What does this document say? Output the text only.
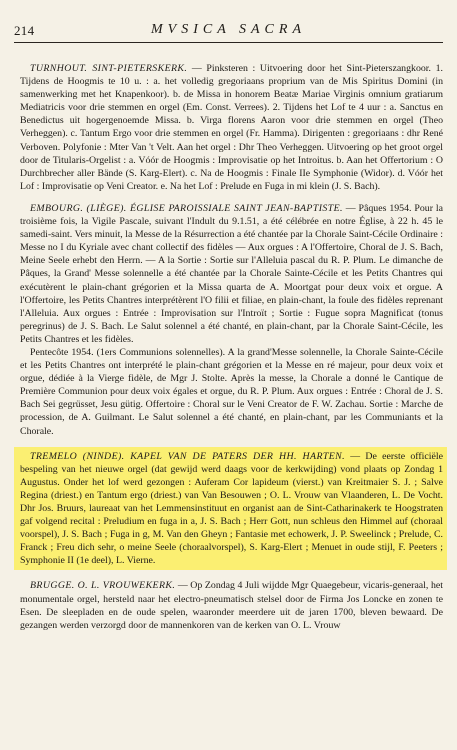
214	MVSICA SACRA

TURNHOUT. SINT-PIETERSKERK. — Pinksteren : Uitvoering door het Sint-Pieterszangkoor. 1. Tijdens de Hoogmis te 10 u. : a. het volledig gregoriaans proprium van de Mis Spiritus Domini (in samenwerking met het Knapenkoor). b. de Missa in honorem Beatæ Mariae Virginis omnium gratiarum Mediatricis voor drie stemmen en orgel (Em. Const. Verrees). 2. Tijdens het Lof te 4 uur : a. Sanctus en Benedictus uit hogergenoemde Missa. b. Virga florens Aaron voor drie stemmen en orgel (Theo Verheggen). c. Tantum Ergo voor drie stemmen en orgel (Fr. Hamma). Dirigenten : gregoriaans : dhr René Verboven. Polyfonie : Mter Van 't Velt. Aan het orgel : Dhr Theo Verheggen. Uitvoering op het groot orgel door de Titularis-Orgelist : a. Vóór de Hoogmis : Improvisatie op het Introitus. b. Aan het Offertorium : O Durchbrecher aller Bände (S. Karg-Elert). c. Na de Hoogmis : Finale IIe Symphonie (Widor). d. Vóór het Lof : Improvisatie op Veni Creator. e. Na het Lof : Prelude en Fuga in mi klein (J. S. Bach).

EMBOURG. (LIÈGE). ÉGLISE PAROISSIALE SAINT JEAN-BAPTISTE. — Pâques 1954. Pour la troisième fois, la Vigile Pascale, suivant l'Indult du 9.1.51, a été célébrée en notre Église, à 22 h. 45 le samedi-saint. Vers minuit, la Messe de la Résurrection a été chantée par la Chorale Saint-Cécile Ordinaire : Messe no I du Kyriale avec chant collectif des fidèles — Aux orgues : A l'Offertoire, Choral de J. S. Bach, Meine Seele erhebt den Herrn. — A la Sortie : Sortie sur l'Alleluia pascal du R. P. Plum. Le dimanche de Pâques, la Grand' Messe solennelle a été chantée par la Chorale Sainte-Cécile et les Petits Chantres qui exécutèrent le plain-chant grégorien et la Missa quarta de A. Moortgat pour deux voix et orgue. A l'Offertoire, les Petits Chantres interprétèrent l'O filii et filiae, en plain-chant, la foule des fidèles reprenant l'Alleluia. Aux orgues : Entrée : Improvisation sur l'Introït ; Sortie : Fugue sopra Magnificat (tonus peregrinus) de J. S. Bach. Le Salut solennel a été chanté, en plain-chant, par la Chorale Saint-Cécile, les Petits Chantres et les fidèles.

Pentecôte 1954. (1ers Communions solennelles). A la grand'Messe solennelle, la Chorale Sainte-Cécile et les Petits Chantres ont interprété le plain-chant grégorien et la Messe en ré majeur, pour deux voix et orgue, dédiée à la Vierge fidèle, de Mgr J. Stolte. Après la messe, la Chorale a donné le Cantique de Première Communion pour deux voix égales et orgue, du R. P. Plum. Aux orgues : Entrée : Choral de J. S. Bach Sei gegrüsset, Jesu gütig. Offertoire : Choral sur le Veni Creator de F. W. Zachau. Sortie : Marche de procession, de A. Guilmant. Le Salut solennel a été chanté, en plain-chant, par les Communiants et la Chorale.

TREMELO (NINDE). KAPEL VAN DE PATERS DER HH. HARTEN. — De eerste officiële bespeling van het nieuwe orgel (dat gewijd werd daags voor de kerkwijding) vond plaats op Zondag 1 Augustus. Onder het lof werd gezongen : Auferam Cor lapideum (vierst.) van Kreitmaier S. J. ; Salve Regina (driest.) en Tantum ergo (driest.) van Van Besouwen ; O. L. Vrouw van Vlaanderen, L. De Vocht. Dhr Jos. Bruurs, laureaat van het Lemmensinstituut en organist aan de Sint-Catharinakerk te Hoogstraten gaf volgend recital : Preludium en fuga in a, J. S. Bach ; Herr Gott, nun schleus den Himmel auf (choraal voorspel), J. S. Bach ; Fuga in g, M. Van den Gheyn ; Fantasie met echowerk, J. P. Sweelinck ; Prelude, C. Franck ; Freu dich sehr, o meine Seele (choraalvorspel), S. Karg-Elert ; Menuet in oude stijl, F. Peeters ; Symphonie II (1e deel), L. Vierne.

BRUGGE. O. L. VROUWEKERK. — Op Zondag 4 Juli wijdde Mgr Quaegebeur, vicaris-generaal, het monumentale orgel, hersteld naar het electro-pneumatisch stelsel door de Firma Jos Loncke en zonen te Esen. De sleepladen en de oude spelen, waaronder meerdere uit de jaren 1700, bleven bewaard. De gezangen werden verzorgd door de mannenkoren van de kerken van O. L. Vrouw
